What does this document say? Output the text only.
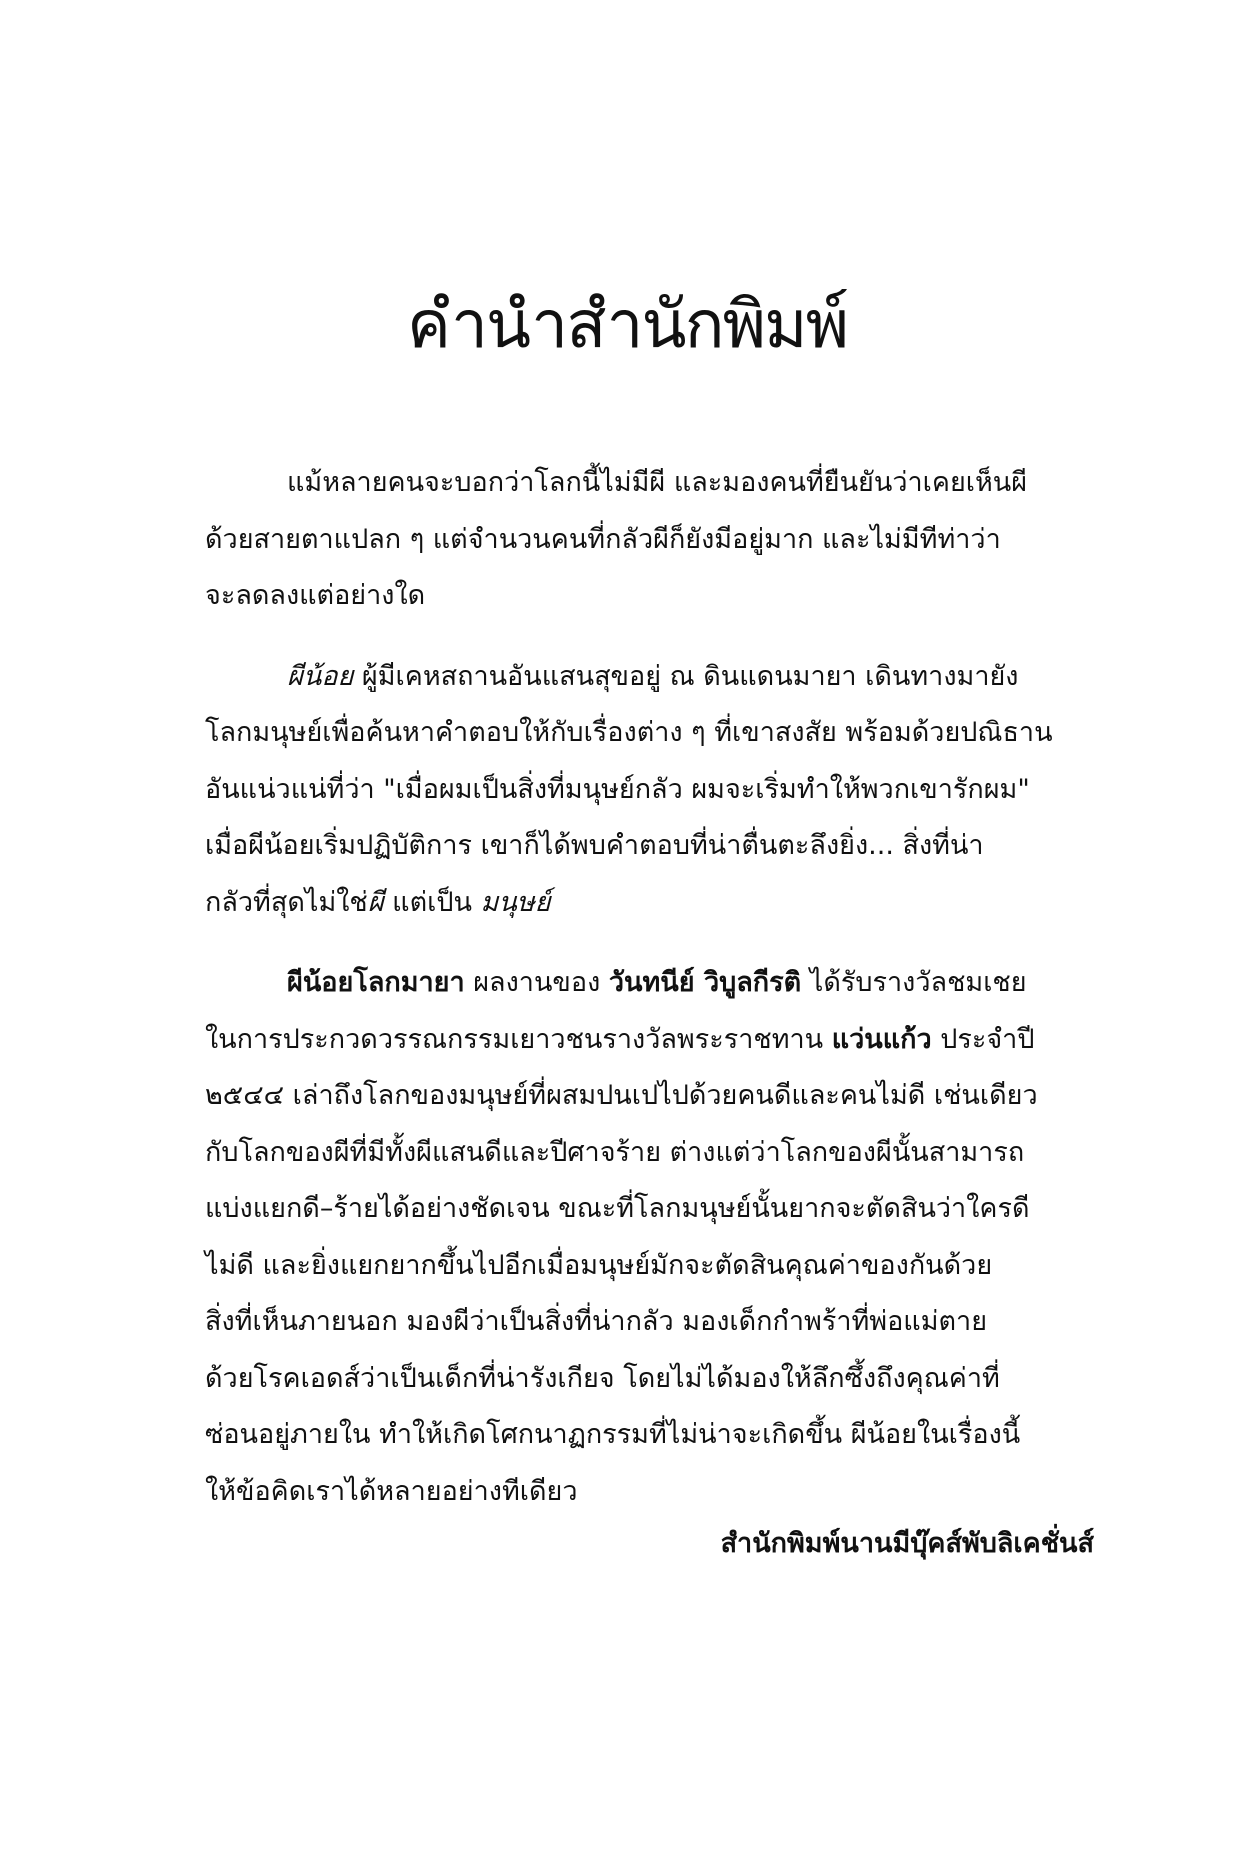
คำนำสำนักพิมพ์

แม้หลายคนจะบอกว่าโลกนี้ไม่มีผี และมองคนที่ยืนยันว่าเคยเห็นผี
ด้วยสายตาแปลก ๆ แต่จำนวนคนที่กลัวผีก็ยังมีอยู่มาก และไม่มีทีท่าว่า
จะลดลงแต่อย่างใด

ผีน้อย ผู้มีเคหสถานอันแสนสุขอยู่ ณ ดินแดนมายา เดินทางมายัง
โลกมนุษย์เพื่อค้นหาคำตอบให้กับเรื่องต่าง ๆ ที่เขาสงสัย พร้อมด้วยปณิธาน
อันแน่วแน่ที่ว่า "เมื่อผมเป็นสิ่งที่มนุษย์กลัว ผมจะเริ่มทำให้พวกเขารักผม"
เมื่อผีน้อยเริ่มปฏิบัติการ เขาก็ได้พบคำตอบที่น่าตื่นตะลึงยิ่ง... สิ่งที่น่า
กลัวที่สุดไม่ใช่ผี แต่เป็น มนุษย์

ผีน้อยโลกมายา ผลงานของ วันทนีย์ วิบูลกีรติ ได้รับรางวัลชมเชย
ในการประกวดวรรณกรรมเยาวชนรางวัลพระราชทาน แว่นแก้ว ประจำปี
๒๕๔๔ เล่าถึงโลกของมนุษย์ที่ผสมปนเปไปด้วยคนดีและคนไม่ดี เช่นเดียว
กับโลกของผีที่มีทั้งผีแสนดีและปีศาจร้าย ต่างแต่ว่าโลกของผีนั้นสามารถ
แบ่งแยกดี–ร้ายได้อย่างชัดเจน ขณะที่โลกมนุษย์นั้นยากจะตัดสินว่าใครดี
ไม่ดี และยิ่งแยกยากขึ้นไปอีกเมื่อมนุษย์มักจะตัดสินคุณค่าของกันด้วย
สิ่งที่เห็นภายนอก มองผีว่าเป็นสิ่งที่น่ากลัว มองเด็กกำพร้าที่พ่อแม่ตาย
ด้วยโรคเอดส์ว่าเป็นเด็กที่น่ารังเกียจ โดยไม่ได้มองให้ลึกซึ้งถึงคุณค่าที่
ซ่อนอยู่ภายใน ทำให้เกิดโศกนาฏกรรมที่ไม่น่าจะเกิดขึ้น ผีน้อยในเรื่องนี้
ให้ข้อคิดเราได้หลายอย่างทีเดียว

สำนักพิมพ์นานมีบุ๊คส์พับลิเคชั่นส์
